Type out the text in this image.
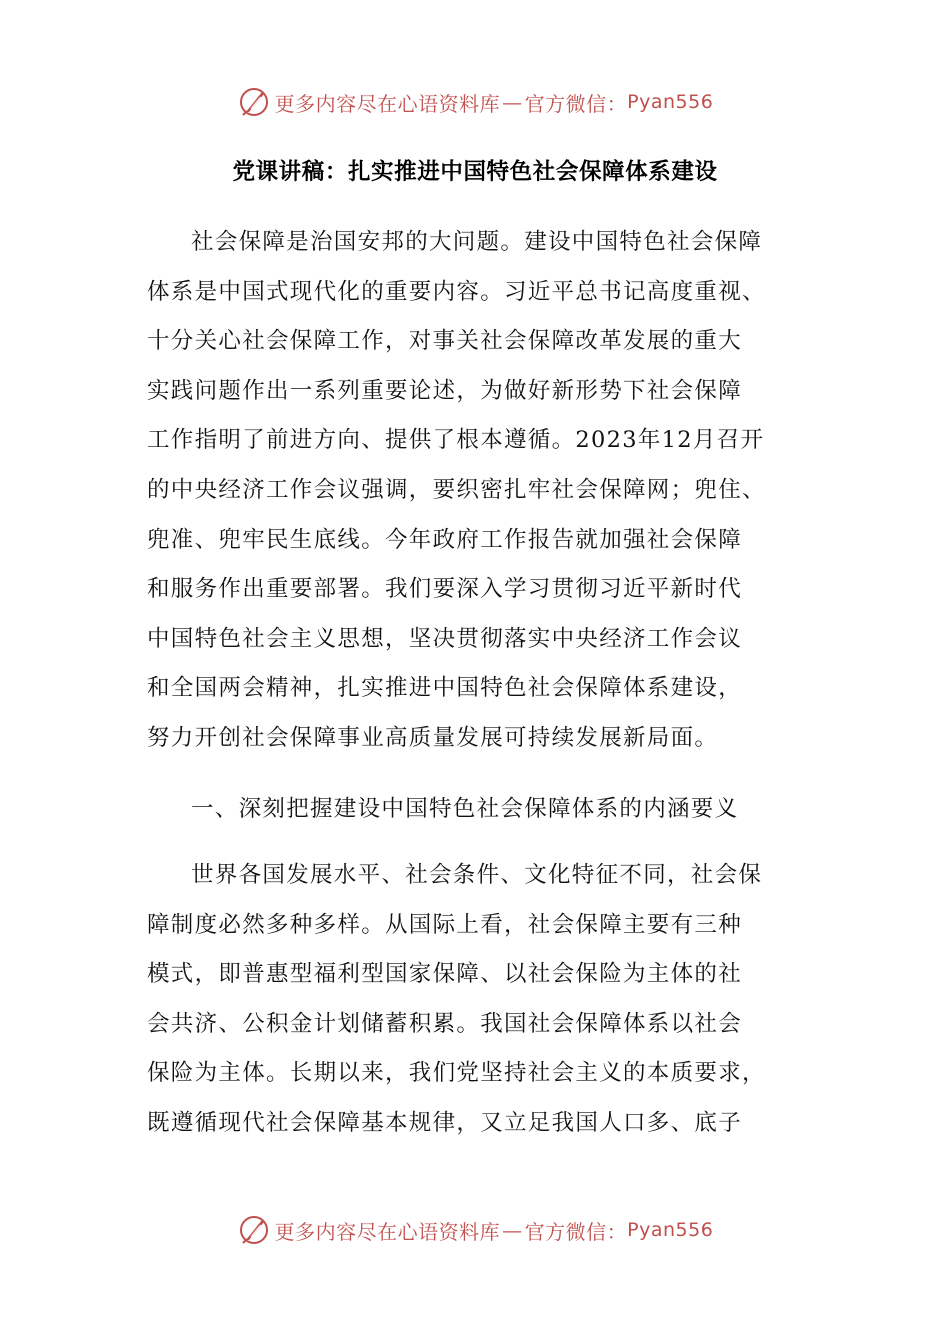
更多内容尽在心语资料库 — 官方微信： Pyan556
党课讲稿：扎实推进中国特色社会保障体系建设
社会保障是治国安邦的大问题。建设中国特色社会保障
体系是中国式现代化的重要内容。习近平总书记高度重视、
十分关心社会保障工作，对事关社会保障改革发展的重大
实践问题作出一系列重要论述，为做好新形势下社会保障
工作指明了前进方向、提供了根本遵循。2023年12月召开
的中央经济工作会议强调，要织密扎牢社会保障网；兜住、
兜准、兜牢民生底线。今年政府工作报告就加强社会保障
和服务作出重要部署。我们要深入学习贯彻习近平新时代
中国特色社会主义思想，坚决贯彻落实中央经济工作会议
和全国两会精神，扎实推进中国特色社会保障体系建设，
努力开创社会保障事业高质量发展可持续发展新局面。
一、深刻把握建设中国特色社会保障体系的内涵要义
世界各国发展水平、社会条件、文化特征不同，社会保
障制度必然多种多样。从国际上看，社会保障主要有三种
模式，即普惠型福利型国家保障、以社会保险为主体的社
会共济、公积金计划储蓄积累。我国社会保障体系以社会
保险为主体。长期以来，我们党坚持社会主义的本质要求，
既遵循现代社会保障基本规律，又立足我国人口多、底子
更多内容尽在心语资料库 — 官方微信： Pyan556
